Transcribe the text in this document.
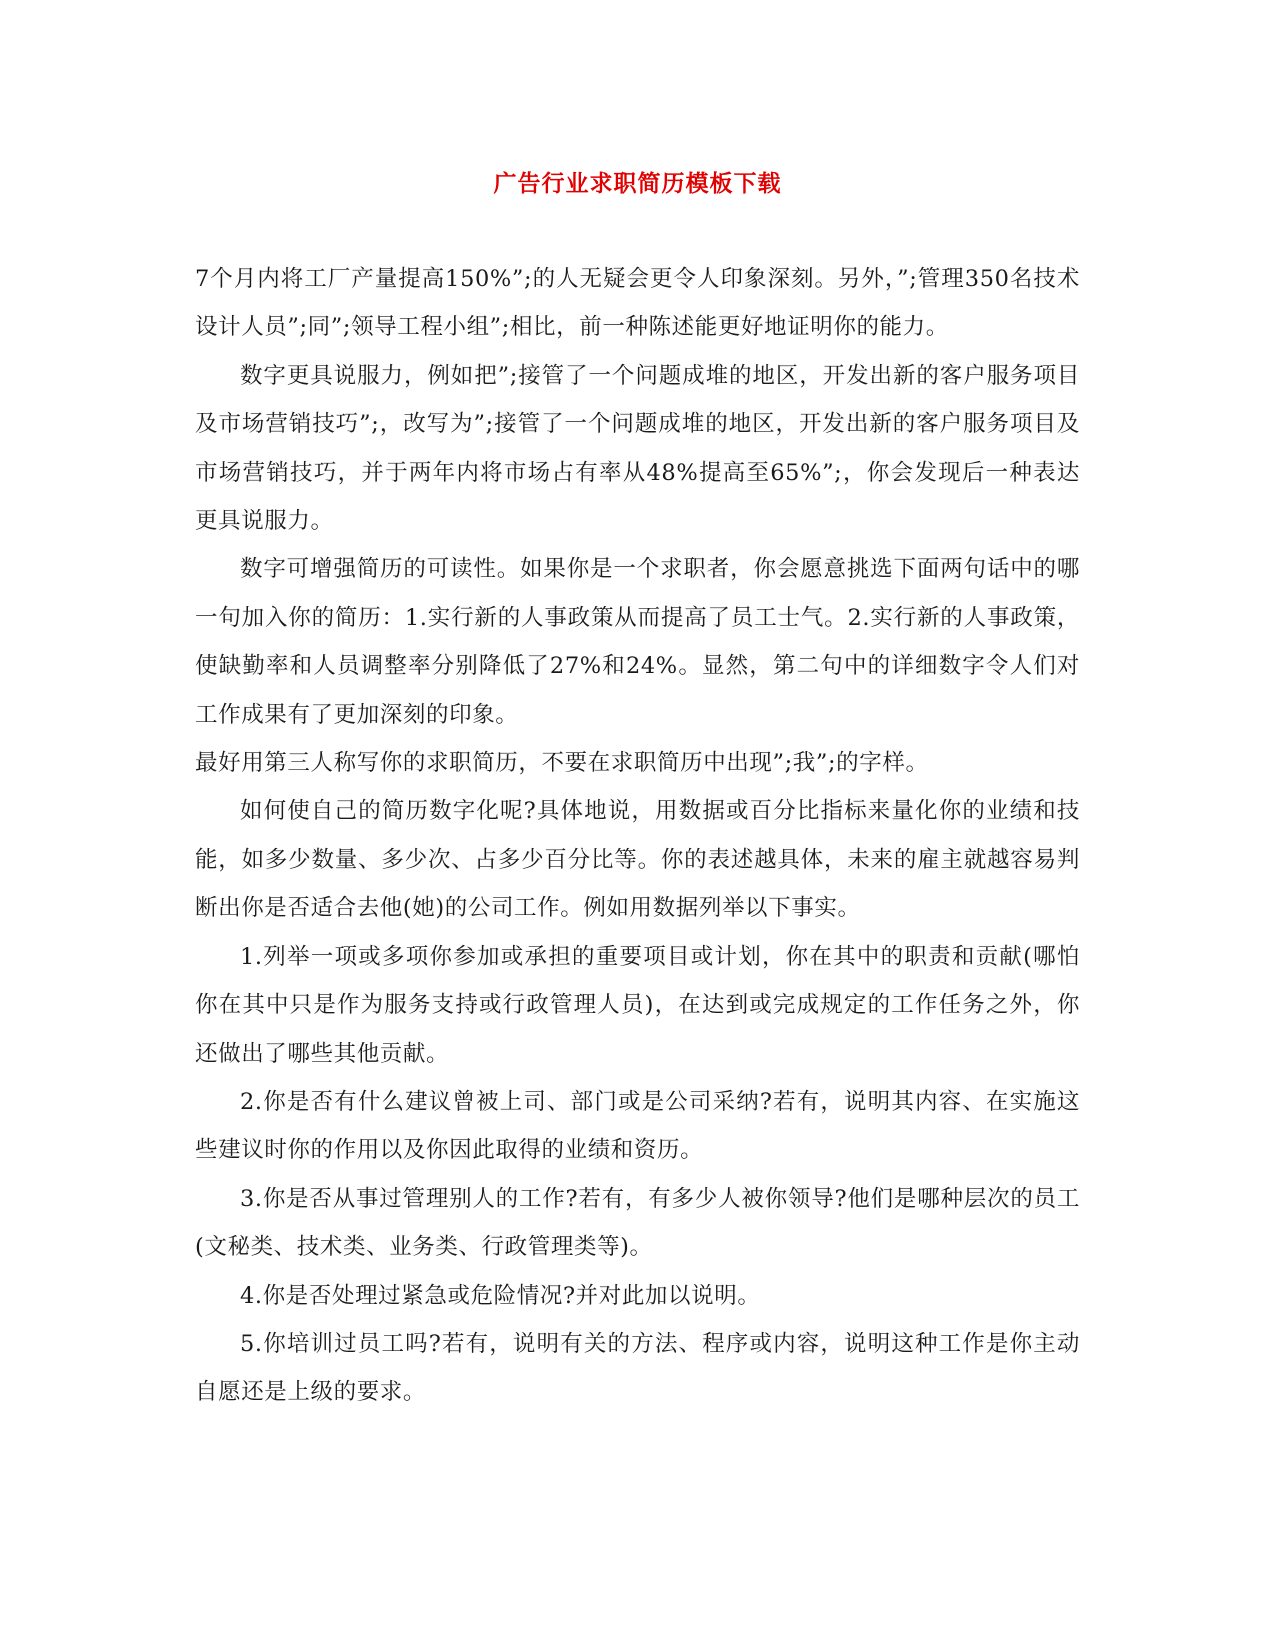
广告行业求职简历模板下载

7个月内将工厂产量提高150%”;的人无疑会更令人印象深刻。另外，”;管理350名技术设计人员”;同”;领导工程小组”;相比，前一种陈述能更好地证明你的能力。

数字更具说服力，例如把”;接管了一个问题成堆的地区，开发出新的客户服务项目及市场营销技巧”;，改写为”;接管了一个问题成堆的地区，开发出新的客户服务项目及市场营销技巧，并于两年内将市场占有率从48%提高至65%”;，你会发现后一种表达更具说服力。

数字可增强简历的可读性。如果你是一个求职者，你会愿意挑选下面两句话中的哪一句加入你的简历：1.实行新的人事政策从而提高了员工士气。2.实行新的人事政策，使缺勤率和人员调整率分别降低了27%和24%。显然，第二句中的详细数字令人们对工作成果有了更加深刻的印象。

最好用第三人称写你的求职简历，不要在求职简历中出现”;我”;的字样。

如何使自己的简历数字化呢?具体地说，用数据或百分比指标来量化你的业绩和技能，如多少数量、多少次、占多少百分比等。你的表述越具体，未来的雇主就越容易判断出你是否适合去他(她)的公司工作。例如用数据列举以下事实。

1.列举一项或多项你参加或承担的重要项目或计划，你在其中的职责和贡献(哪怕你在其中只是作为服务支持或行政管理人员)，在达到或完成规定的工作任务之外，你还做出了哪些其他贡献。

2.你是否有什么建议曾被上司、部门或是公司采纳?若有，说明其内容、在实施这些建议时你的作用以及你因此取得的业绩和资历。

3.你是否从事过管理别人的工作?若有，有多少人被你领导?他们是哪种层次的员工(文秘类、技术类、业务类、行政管理类等)。

4.你是否处理过紧急或危险情况?并对此加以说明。

5.你培训过员工吗?若有，说明有关的方法、程序或内容，说明这种工作是你主动自愿还是上级的要求。
